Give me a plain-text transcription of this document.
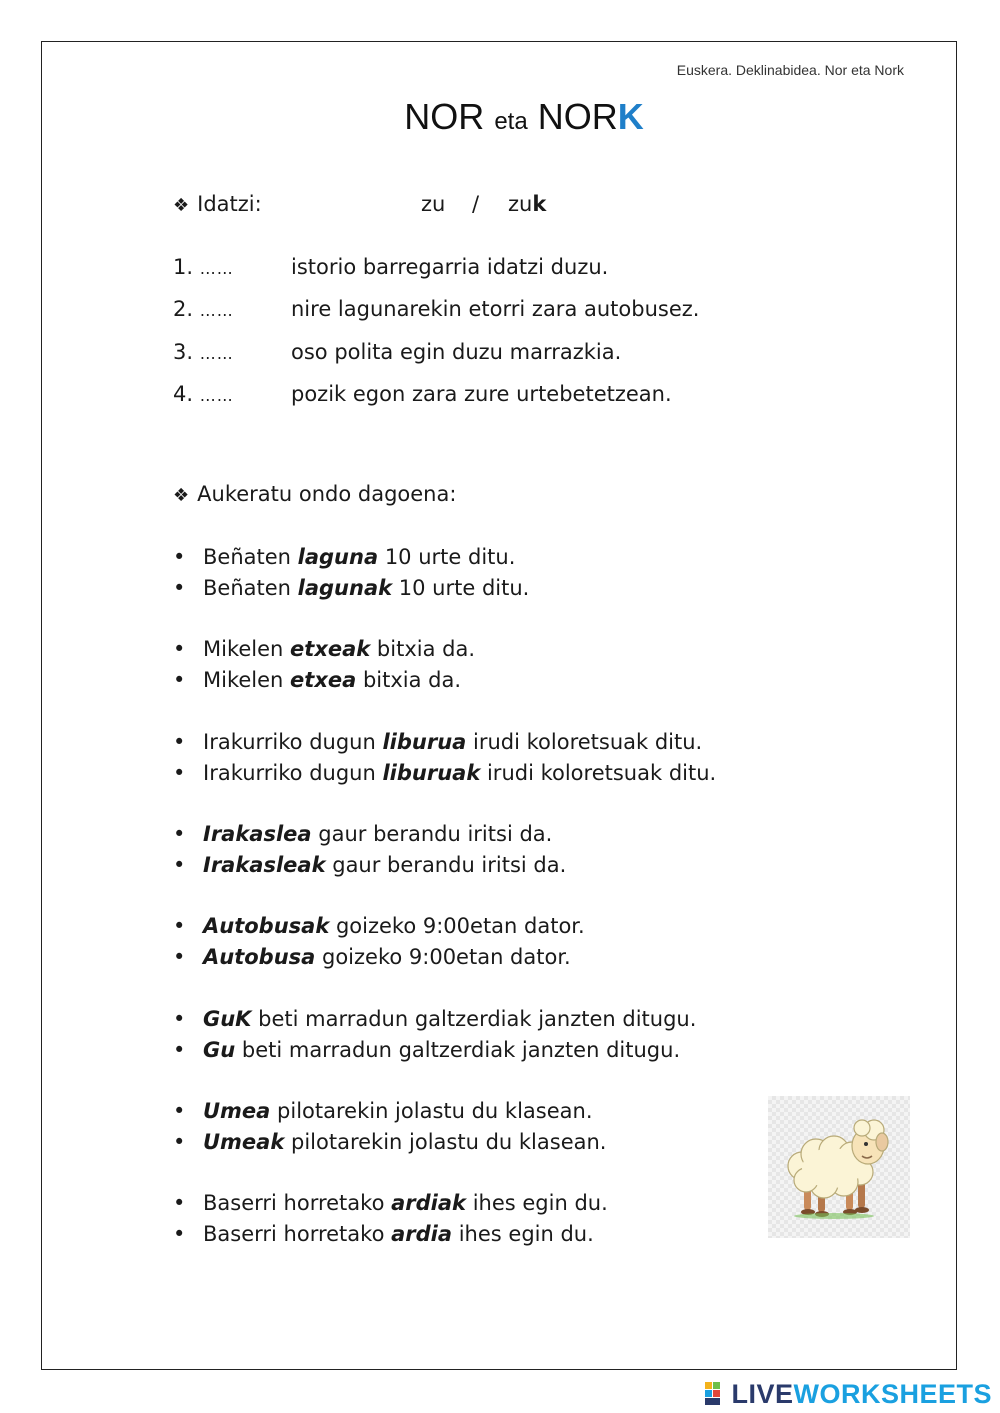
Euskera. Deklinabidea. Nor eta Nork
NOR eta NORK
❖ Idatzi:	zu / zuk
1. ……	istorio barregarria idatzi duzu.
2. ……	nire lagunarekin etorri zara autobusez.
3. ……	oso polita egin duzu marrazkia.
4. ……	pozik egon zara zure urtebetetzean.
❖ Aukeratu ondo dagoena:
• Beñaten laguna 10 urte ditu.
• Beñaten lagunak 10 urte ditu.
• Mikelen etxeak bitxia da.
• Mikelen etxea bitxia da.
• Irakurriko dugun liburua irudi koloretsuak ditu.
• Irakurriko dugun liburuak irudi koloretsuak ditu.
• Irakaslea gaur berandu iritsi da.
• Irakasleak gaur berandu iritsi da.
• Autobusak goizeko 9:00etan dator.
• Autobusa goizeko 9:00etan dator.
• GuK beti marradun galtzerdiak janzten ditugu.
• Gu beti marradun galtzerdiak janzten ditugu.
• Umea pilotarekin jolastu du klasean.
• Umeak pilotarekin jolastu du klasean.
• Baserri horretako ardiak ihes egin du.
• Baserri horretako ardia ihes egin du.
LIVEWORKSHEETS
